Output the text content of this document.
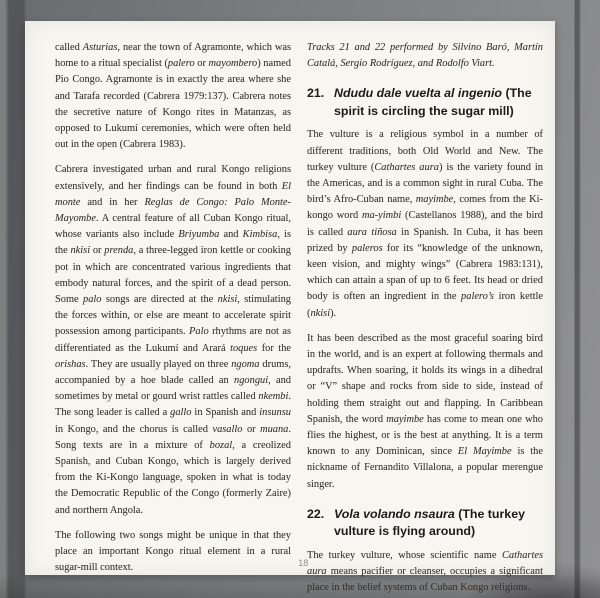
called Asturias, near the town of Agramonte, which was home to a ritual specialist (palero or mayombero) named Pio Congo. Agramonte is in exactly the area where she and Tarafa recorded (Cabrera 1979:137). Cabrera notes the secretive nature of Kongo rites in Matanzas, as opposed to Lukumí ceremonies, which were often held out in the open (Cabrera 1983).

Cabrera investigated urban and rural Kongo religions extensively, and her findings can be found in both El monte and in her Reglas de Congo: Palo Monte-Mayombe. A central feature of all Cuban Kongo ritual, whose variants also include Briyumba and Kimbisa, is the nkisi or prenda, a three-legged iron kettle or cooking pot in which are concentrated various ingredients that embody natural forces, and the spirit of a dead person. Some palo songs are directed at the nkisi, stimulating the forces within, or else are meant to accelerate spirit possession among participants. Palo rhythms are not as differentiated as the Lukumí and Arará toques for the orishas. They are usually played on three ngoma drums, accompanied by a hoe blade called an ngongui, and sometimes by metal or gourd wrist rattles called nkembi. The song leader is called a gallo in Spanish and insunsu in Kongo, and the chorus is called vasallo or muana. Song texts are in a mixture of bozal, a creolized Spanish, and Cuban Kongo, which is largely derived from the Ki-Kongo language, spoken in what is today the Democratic Republic of the Congo (formerly Zaire) and northern Angola.

The following two songs might be unique in that they place an important Kongo ritual element in a rural sugar-mill context.

Tracks 21 and 22 performed by Silvino Baró, Martín Catalá, Sergio Rodríguez, and Rodolfo Viart.

21. Ndudu dale vuelta al ingenio (The spirit is circling the sugar mill)

The vulture is a religious symbol in a number of different traditions, both Old World and New. The turkey vulture (Cathartes aura) is the variety found in the Americas, and is a common sight in rural Cuba. The bird’s Afro-Cuban name, mayimbe, comes from the Ki-kongo word ma-yimbi (Castellanos 1988), and the bird is called aura tiñosa in Spanish. In Cuba, it has been prized by paleros for its “knowledge of the unknown, keen vision, and mighty wings” (Cabrera 1983:131), which can attain a span of up to 6 feet. Its head or dried body is often an ingredient in the palero’s iron kettle (nkisi).

It has been described as the most graceful soaring bird in the world, and is an expert at following thermals and updrafts. When soaring, it holds its wings in a dihedral or “V” shape and rocks from side to side, instead of holding them straight out and flapping. In Caribbean Spanish, the word mayimbe has come to mean one who flies the highest, or is the best at anything. It is a term known to any Dominican, since El Mayimbe is the nickname of Fernandito Villalona, a popular merengue singer.

22. Vola volando nsaura (The turkey vulture is flying around)

The turkey vulture, whose scientific name Cathartes aura means pacifier or cleanser, occupies a significant place in the belief systems of Cuban Kongo religions.

18
